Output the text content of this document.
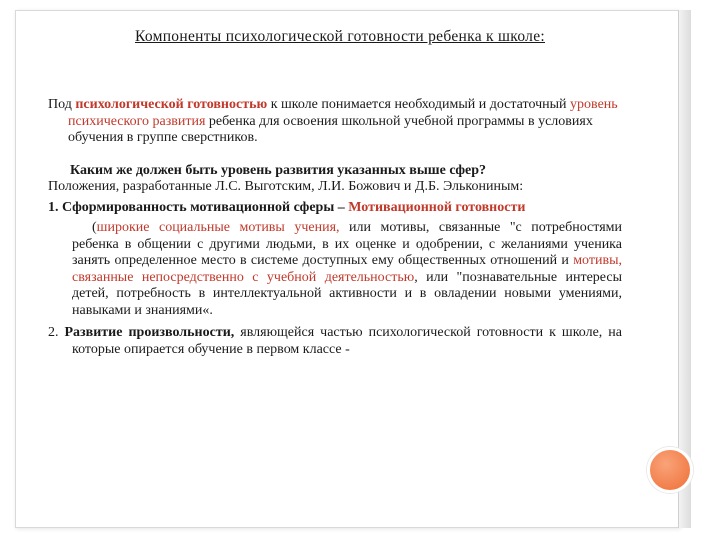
Компоненты психологической готовности ребенка к школе:

Под психологической готовностью к школе понимается необходимый и достаточный уровень психического развития ребенка для освоения школьной учебной программы в условиях обучения в группе сверстников.

Каким же должен быть уровень развития указанных выше сфер?

Положения, разработанные Л.С. Выготским, Л.И. Божович и Д.Б. Элькониным:

1. Сформированность мотивационной сферы – Мотивационной готовности

(широкие социальные мотивы учения, или мотивы, связанные "с потребностями ребенка в общении с другими людьми, в их оценке и одобрении, с желаниями ученика занять определенное место в системе доступных ему общественных отношений и мотивы, связанные непосредственно с учебной деятельностью, или "познавательные интересы детей, потребность в интеллектуальной активности и в овладении новыми умениями, навыками и знаниями«.

2. Развитие произвольности, являющейся частью психологической готовности к школе, на которые опирается обучение в первом классе -
